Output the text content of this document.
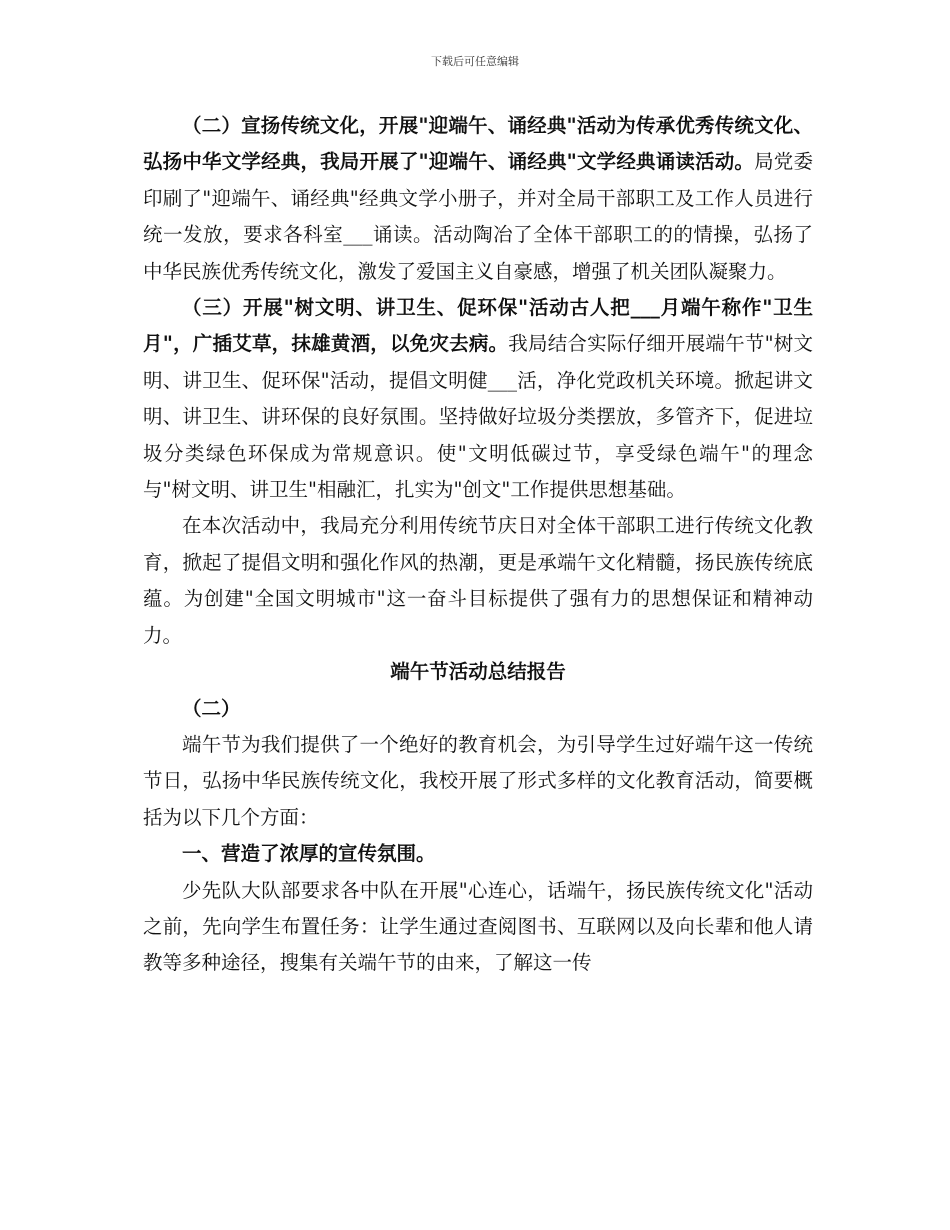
下载后可任意编辑

（二）宣扬传统文化，开展"迎端午、诵经典"活动为传承优秀传统文化、弘扬中华文学经典，我局开展了"迎端午、诵经典"文学经典诵读活动。局党委印刷了"迎端午、诵经典"经典文学小册子，并对全局干部职工及工作人员进行统一发放，要求各科室___诵读。活动陶冶了全体干部职工的的情操，弘扬了中华民族优秀传统文化，激发了爱国主义自豪感，增强了机关团队凝聚力。

（三）开展"树文明、讲卫生、促环保"活动古人把___月端午称作"卫生月"，广插艾草，抹雄黄酒，以免灾去病。我局结合实际仔细开展端午节"树文明、讲卫生、促环保"活动，提倡文明健___活，净化党政机关环境。掀起讲文明、讲卫生、讲环保的良好氛围。坚持做好垃圾分类摆放，多管齐下，促进垃圾分类绿色环保成为常规意识。使"文明低碳过节，享受绿色端午"的理念与"树文明、讲卫生"相融汇，扎实为"创文"工作提供思想基础。

在本次活动中，我局充分利用传统节庆日对全体干部职工进行传统文化教育，掀起了提倡文明和强化作风的热潮，更是承端午文化精髓，扬民族传统底蕴。为创建"全国文明城市"这一奋斗目标提供了强有力的思想保证和精神动力。

端午节活动总结报告

（二）

端午节为我们提供了一个绝好的教育机会，为引导学生过好端午这一传统节日，弘扬中华民族传统文化，我校开展了形式多样的文化教育活动，简要概括为以下几个方面：

一、营造了浓厚的宣传氛围。

少先队大队部要求各中队在开展"心连心，话端午，扬民族传统文化"活动之前，先向学生布置任务：让学生通过查阅图书、互联网以及向长辈和他人请教等多种途径，搜集有关端午节的由来，了解这一传
